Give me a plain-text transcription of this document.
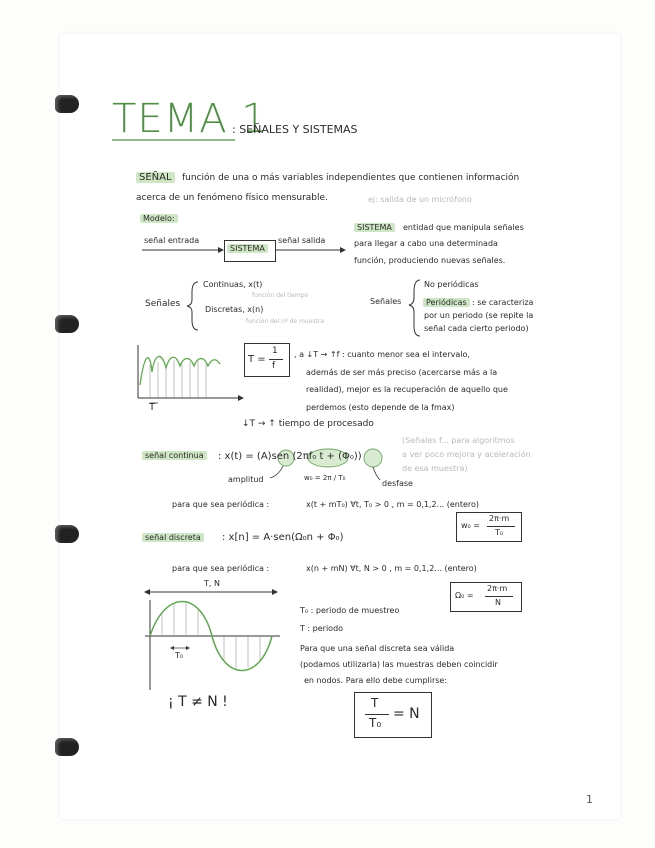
TEMA 1
: SEÑALES Y SISTEMAS
SEÑAL	función de una o más variables independientes que contienen información
acerca de un fenómeno físico mensurable.	ej: salida de un micrófono
Modelo:
señal entrada
SISTEMA
señal salida
SISTEMA	entidad que manipula señales
para llegar a cabo una determinada
función, produciendo nuevas señales.
Señales
Continuas, x(t)
función del tiempo
Discretas, x(n)
función del nº de muestra
Señales
No periódicas
Periódicas : se caracteriza
por un periodo (se repite la
señal cada cierto periodo)
T
T =
1
f
, a ↓T → ↑f : cuanto menor sea el intervalo,
además de ser más preciso (acercarse más a la
realidad), mejor es la recuperación de aquello que
perdemos (esto depende de la fmax)
↓T → ↑ tiempo de procesado
(Señales f... para algoritmos
a ver poco mejora y aceleración
de esa muestra)
señal continua	: x(t) = (A)sen (2πf₀ t + (Φ₀))
amplitud	w₀ = 2π / T₀
desfase
para que sea periódica :	x(t + mT₀) ∀t, T₀ > 0 , m = 0,1,2... (entero)
w₀ =
2π·m
T₀
señal discreta	: x[n] = A·sen(Ω₀n + Φ₀)
para que sea periódica :	x(n + mN) ∀t, N > 0 , m = 0,1,2... (entero)
Ω₀ =
2π·m
N
T, N
T₀
T₀ : periodo de muestreo
T : periodo
Para que una señal discreta sea válida
(podamos utilizarla) las muestras deben coincidir
en nodos. Para ello debe cumplirse:
¡ T ≠ N !	T
T₀
= N
1
